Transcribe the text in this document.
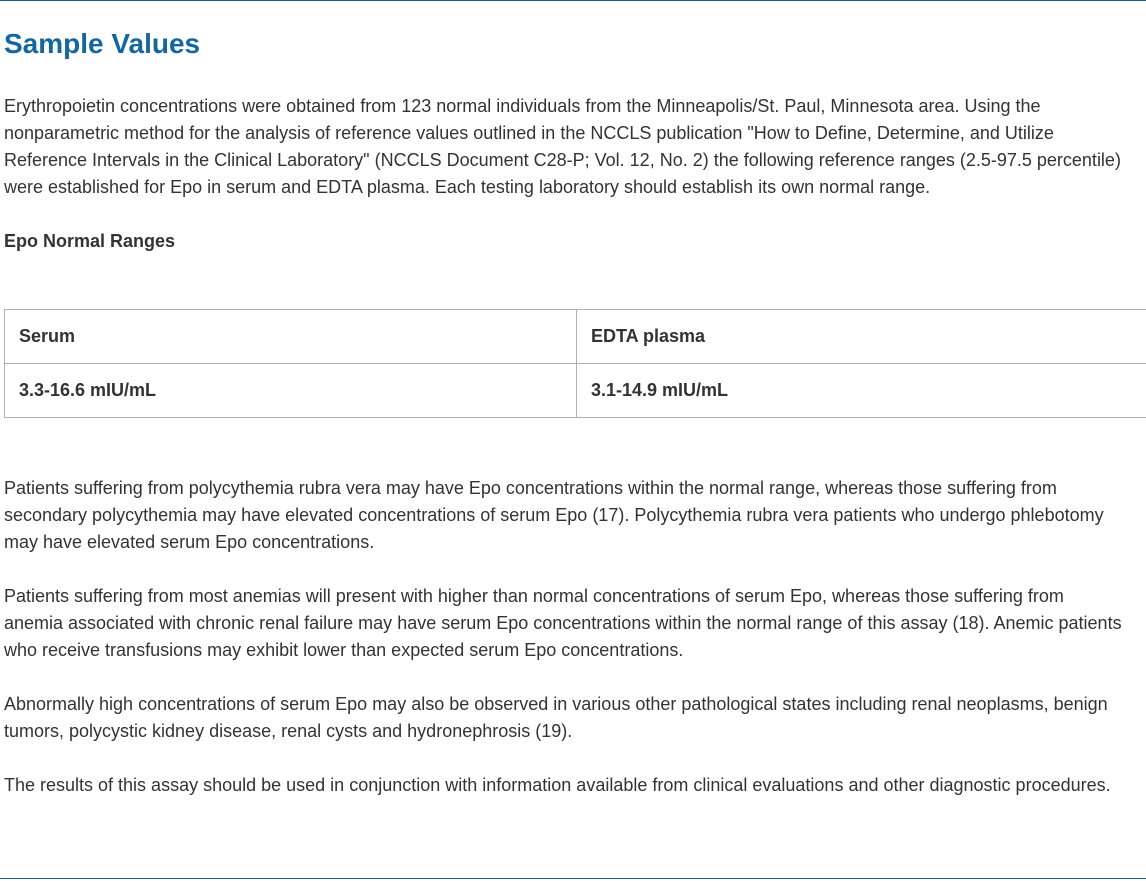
Sample Values

Erythropoietin concentrations were obtained from 123 normal individuals from the Minneapolis/St. Paul, Minnesota area. Using the nonparametric method for the analysis of reference values outlined in the NCCLS publication "How to Define, Determine, and Utilize Reference Intervals in the Clinical Laboratory" (NCCLS Document C28-P; Vol. 12, No. 2) the following reference ranges (2.5-97.5 percentile) were established for Epo in serum and EDTA plasma. Each testing laboratory should establish its own normal range.

Epo Normal Ranges
Serum	EDTA plasma
3.3-16.6 mIU/mL	3.1-14.9 mIU/mL

Patients suffering from polycythemia rubra vera may have Epo concentrations within the normal range, whereas those suffering from secondary polycythemia may have elevated concentrations of serum Epo (17). Polycythemia rubra vera patients who undergo phlebotomy may have elevated serum Epo concentrations.

Patients suffering from most anemias will present with higher than normal concentrations of serum Epo, whereas those suffering from anemia associated with chronic renal failure may have serum Epo concentrations within the normal range of this assay (18). Anemic patients who receive transfusions may exhibit lower than expected serum Epo concentrations.

Abnormally high concentrations of serum Epo may also be observed in various other pathological states including renal neoplasms, benign tumors, polycystic kidney disease, renal cysts and hydronephrosis (19).

The results of this assay should be used in conjunction with information available from clinical evaluations and other diagnostic procedures.
